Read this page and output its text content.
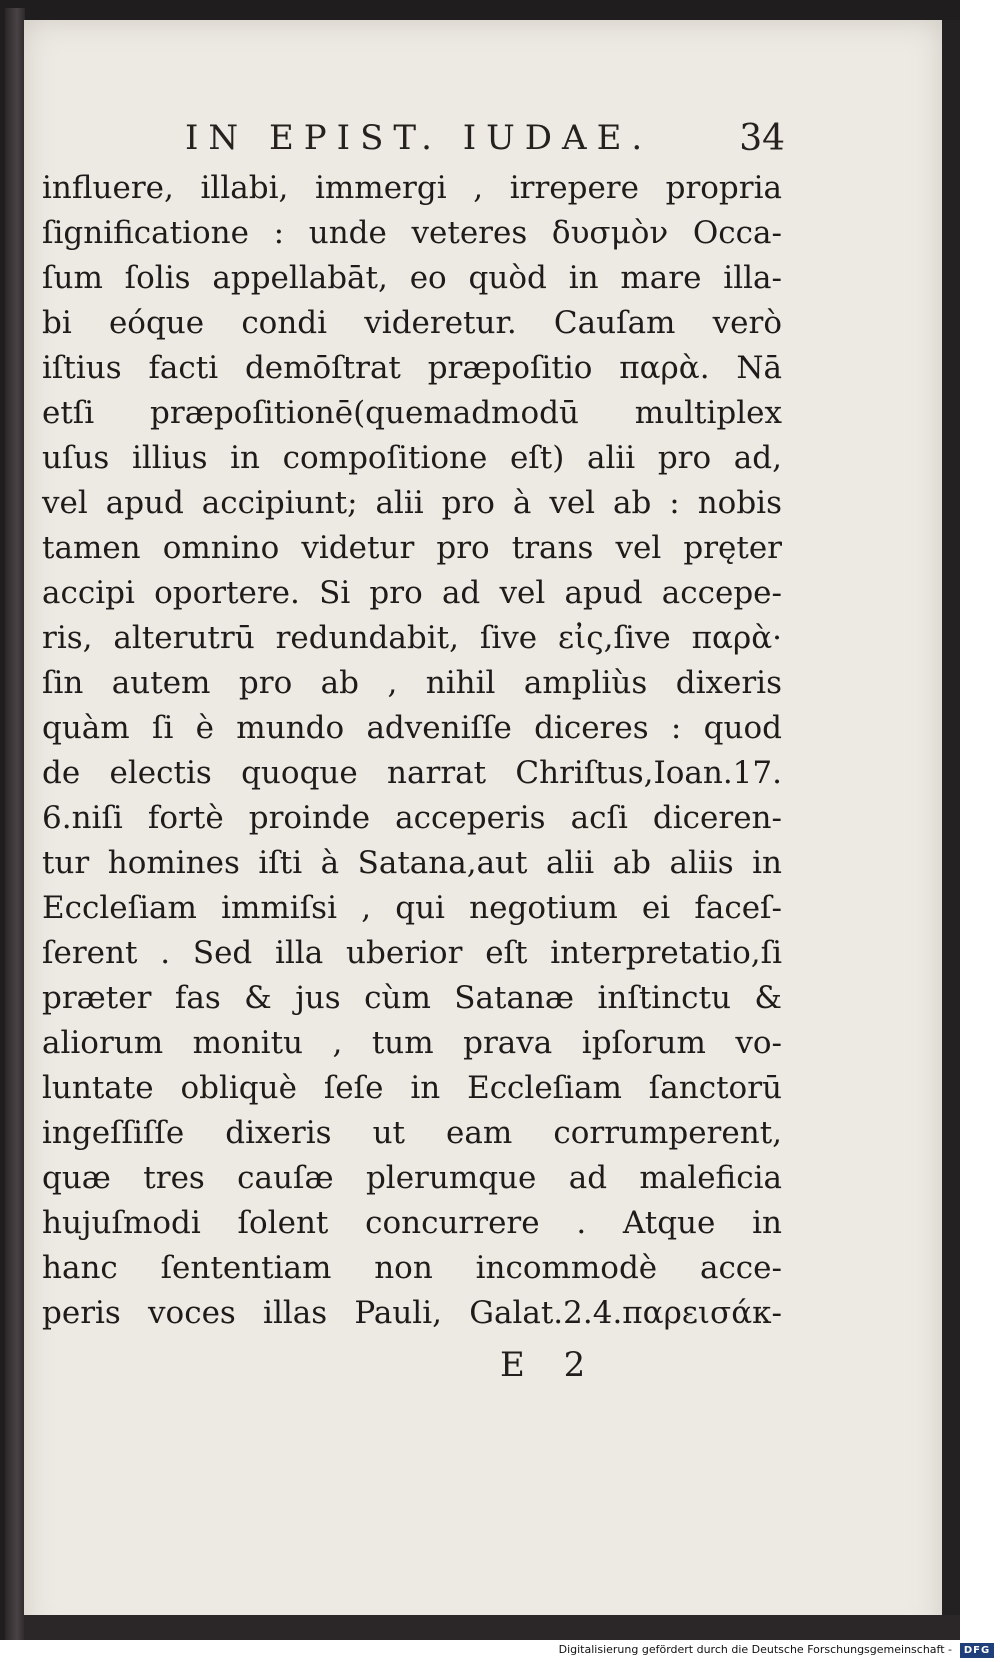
IN EPIST. IUDAE. 34
influere, illabi, immergi , irrepere propria
ſignificatione : unde veteres δυσμὸν Occa-
ſum ſolis appellabāt, eo quòd in mare illa-
bi eóque condi videretur. Cauſam verò
iſtius facti demōſtrat præpoſitio παρὰ. Nā
etſi præpoſitionē(quemadmodū multiplex
uſus illius in compoſitione eſt) alii pro ad,
vel apud accipiunt; alii pro à vel ab : nobis
tamen omnino videtur pro trans vel pręter
accipi oportere. Si pro ad vel apud accepe-
ris, alterutrū redundabit, ſive εἰς,ſive παρὰ·
ſin autem pro ab , nihil ampliùs dixeris
quàm ſi è mundo adveniſſe diceres : quod
de electis quoque narrat Chriſtus,Ioan.17.
6.niſi fortè proinde acceperis acſi diceren-
tur homines iſti à Satana,aut alii ab aliis in
Eccleſiam immiſsi , qui negotium ei faceſ-
ſerent . Sed illa uberior eſt interpretatio,ſi
præter fas & jus cùm Satanæ inſtinctu &
aliorum monitu , tum prava ipſorum vo-
luntate obliquè ſeſe in Eccleſiam ſanctorū
ingeſſiſſe dixeris ut eam corrumperent,
quæ tres cauſæ plerumque ad maleficia
hujuſmodi ſolent concurrere . Atque in
hanc ſententiam non incommodè acce-
peris voces illas Pauli, Galat.2.4.παρεισάκ-
E 2
Digitalisierung gefördert durch die Deutsche Forschungsgemeinschaft -	DFG
